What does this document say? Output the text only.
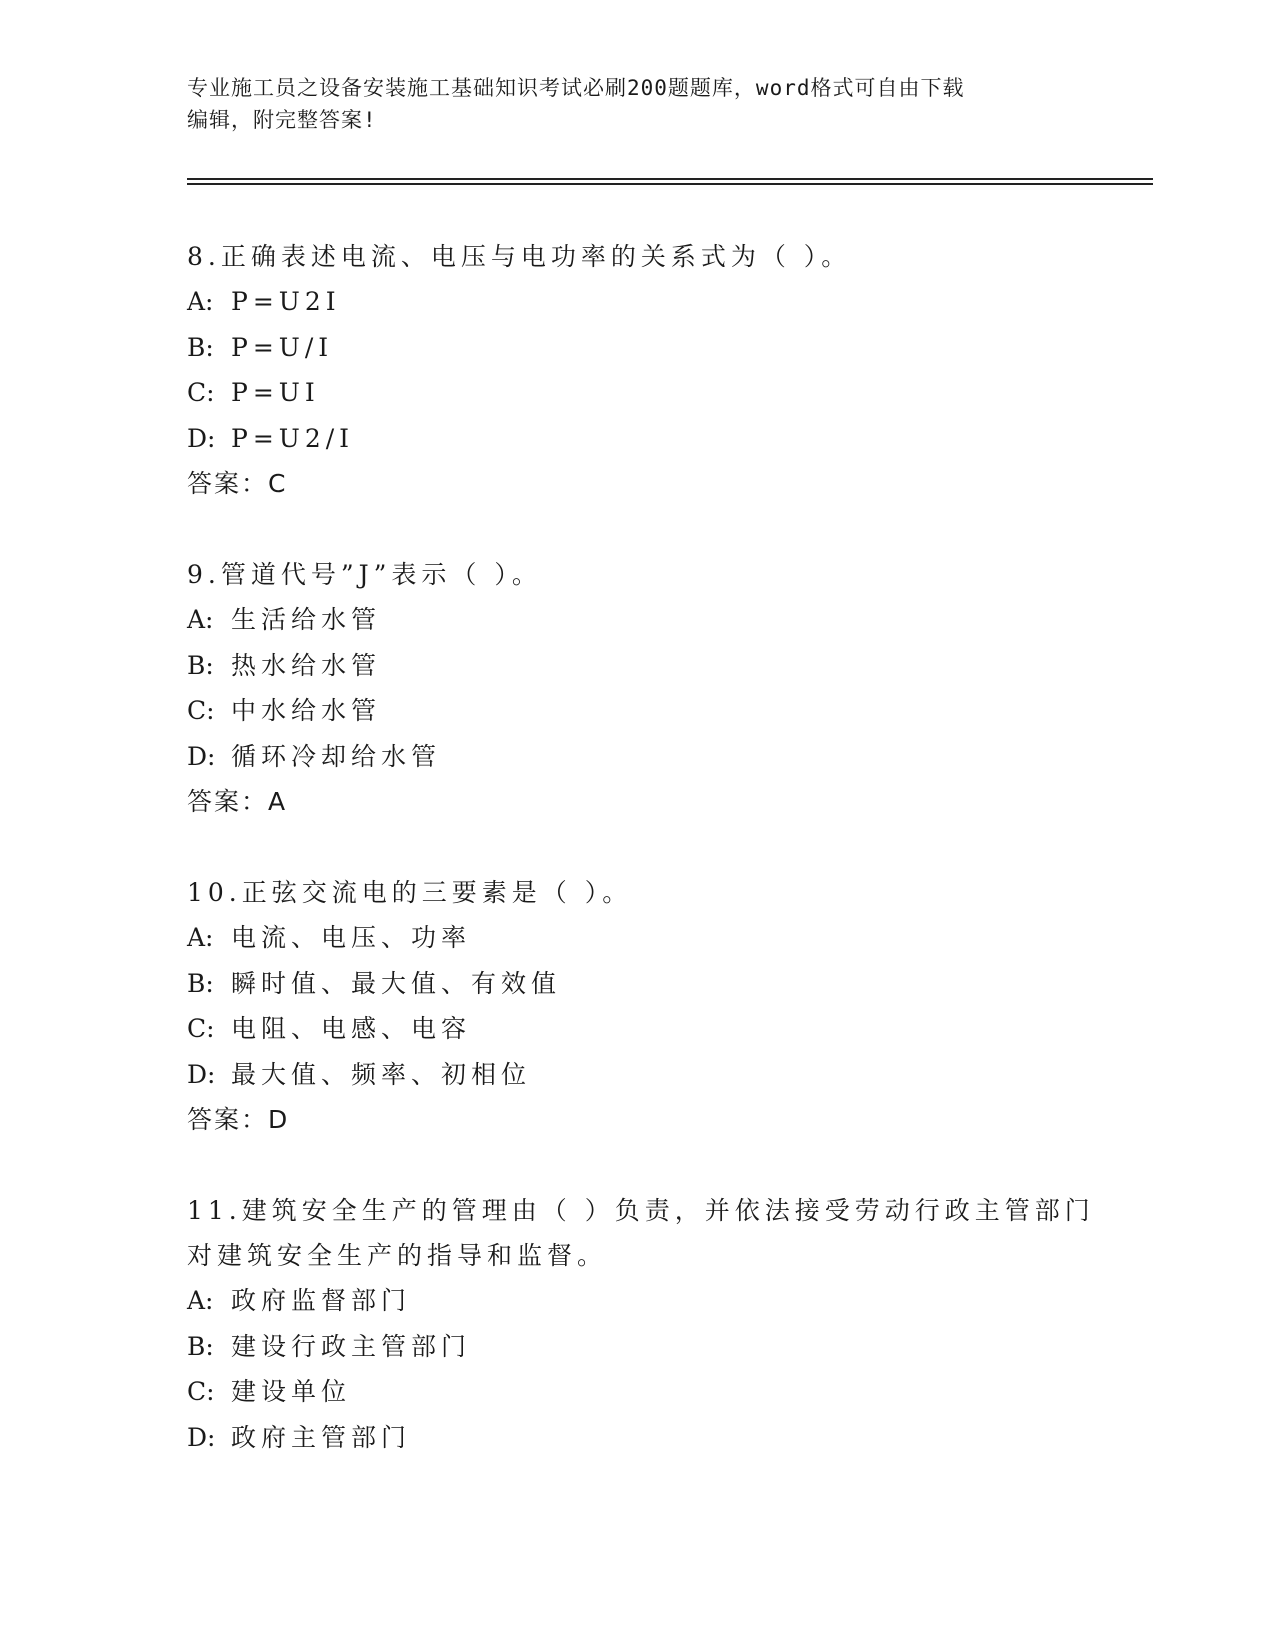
专业施工员之设备安装施工基础知识考试必刷200题题库，word格式可自由下载
编辑，附完整答案!
8.正确表述电流、电压与电功率的关系式为（ ）。
A: P=U2I
B: P=U/I
C: P=UI
D: P=U2/I
答案：C
9.管道代号”J”表示（ ）。
A: 生活给水管
B: 热水给水管
C: 中水给水管
D: 循环冷却给水管
答案：A
10.正弦交流电的三要素是（ ）。
A: 电流、电压、功率
B: 瞬时值、最大值、有效值
C: 电阻、电感、电容
D: 最大值、频率、初相位
答案：D
11.建筑安全生产的管理由（ ）负责，并依法接受劳动行政主管部门对建筑安全生产的指导和监督。
A: 政府监督部门
B: 建设行政主管部门
C: 建设单位
D: 政府主管部门
